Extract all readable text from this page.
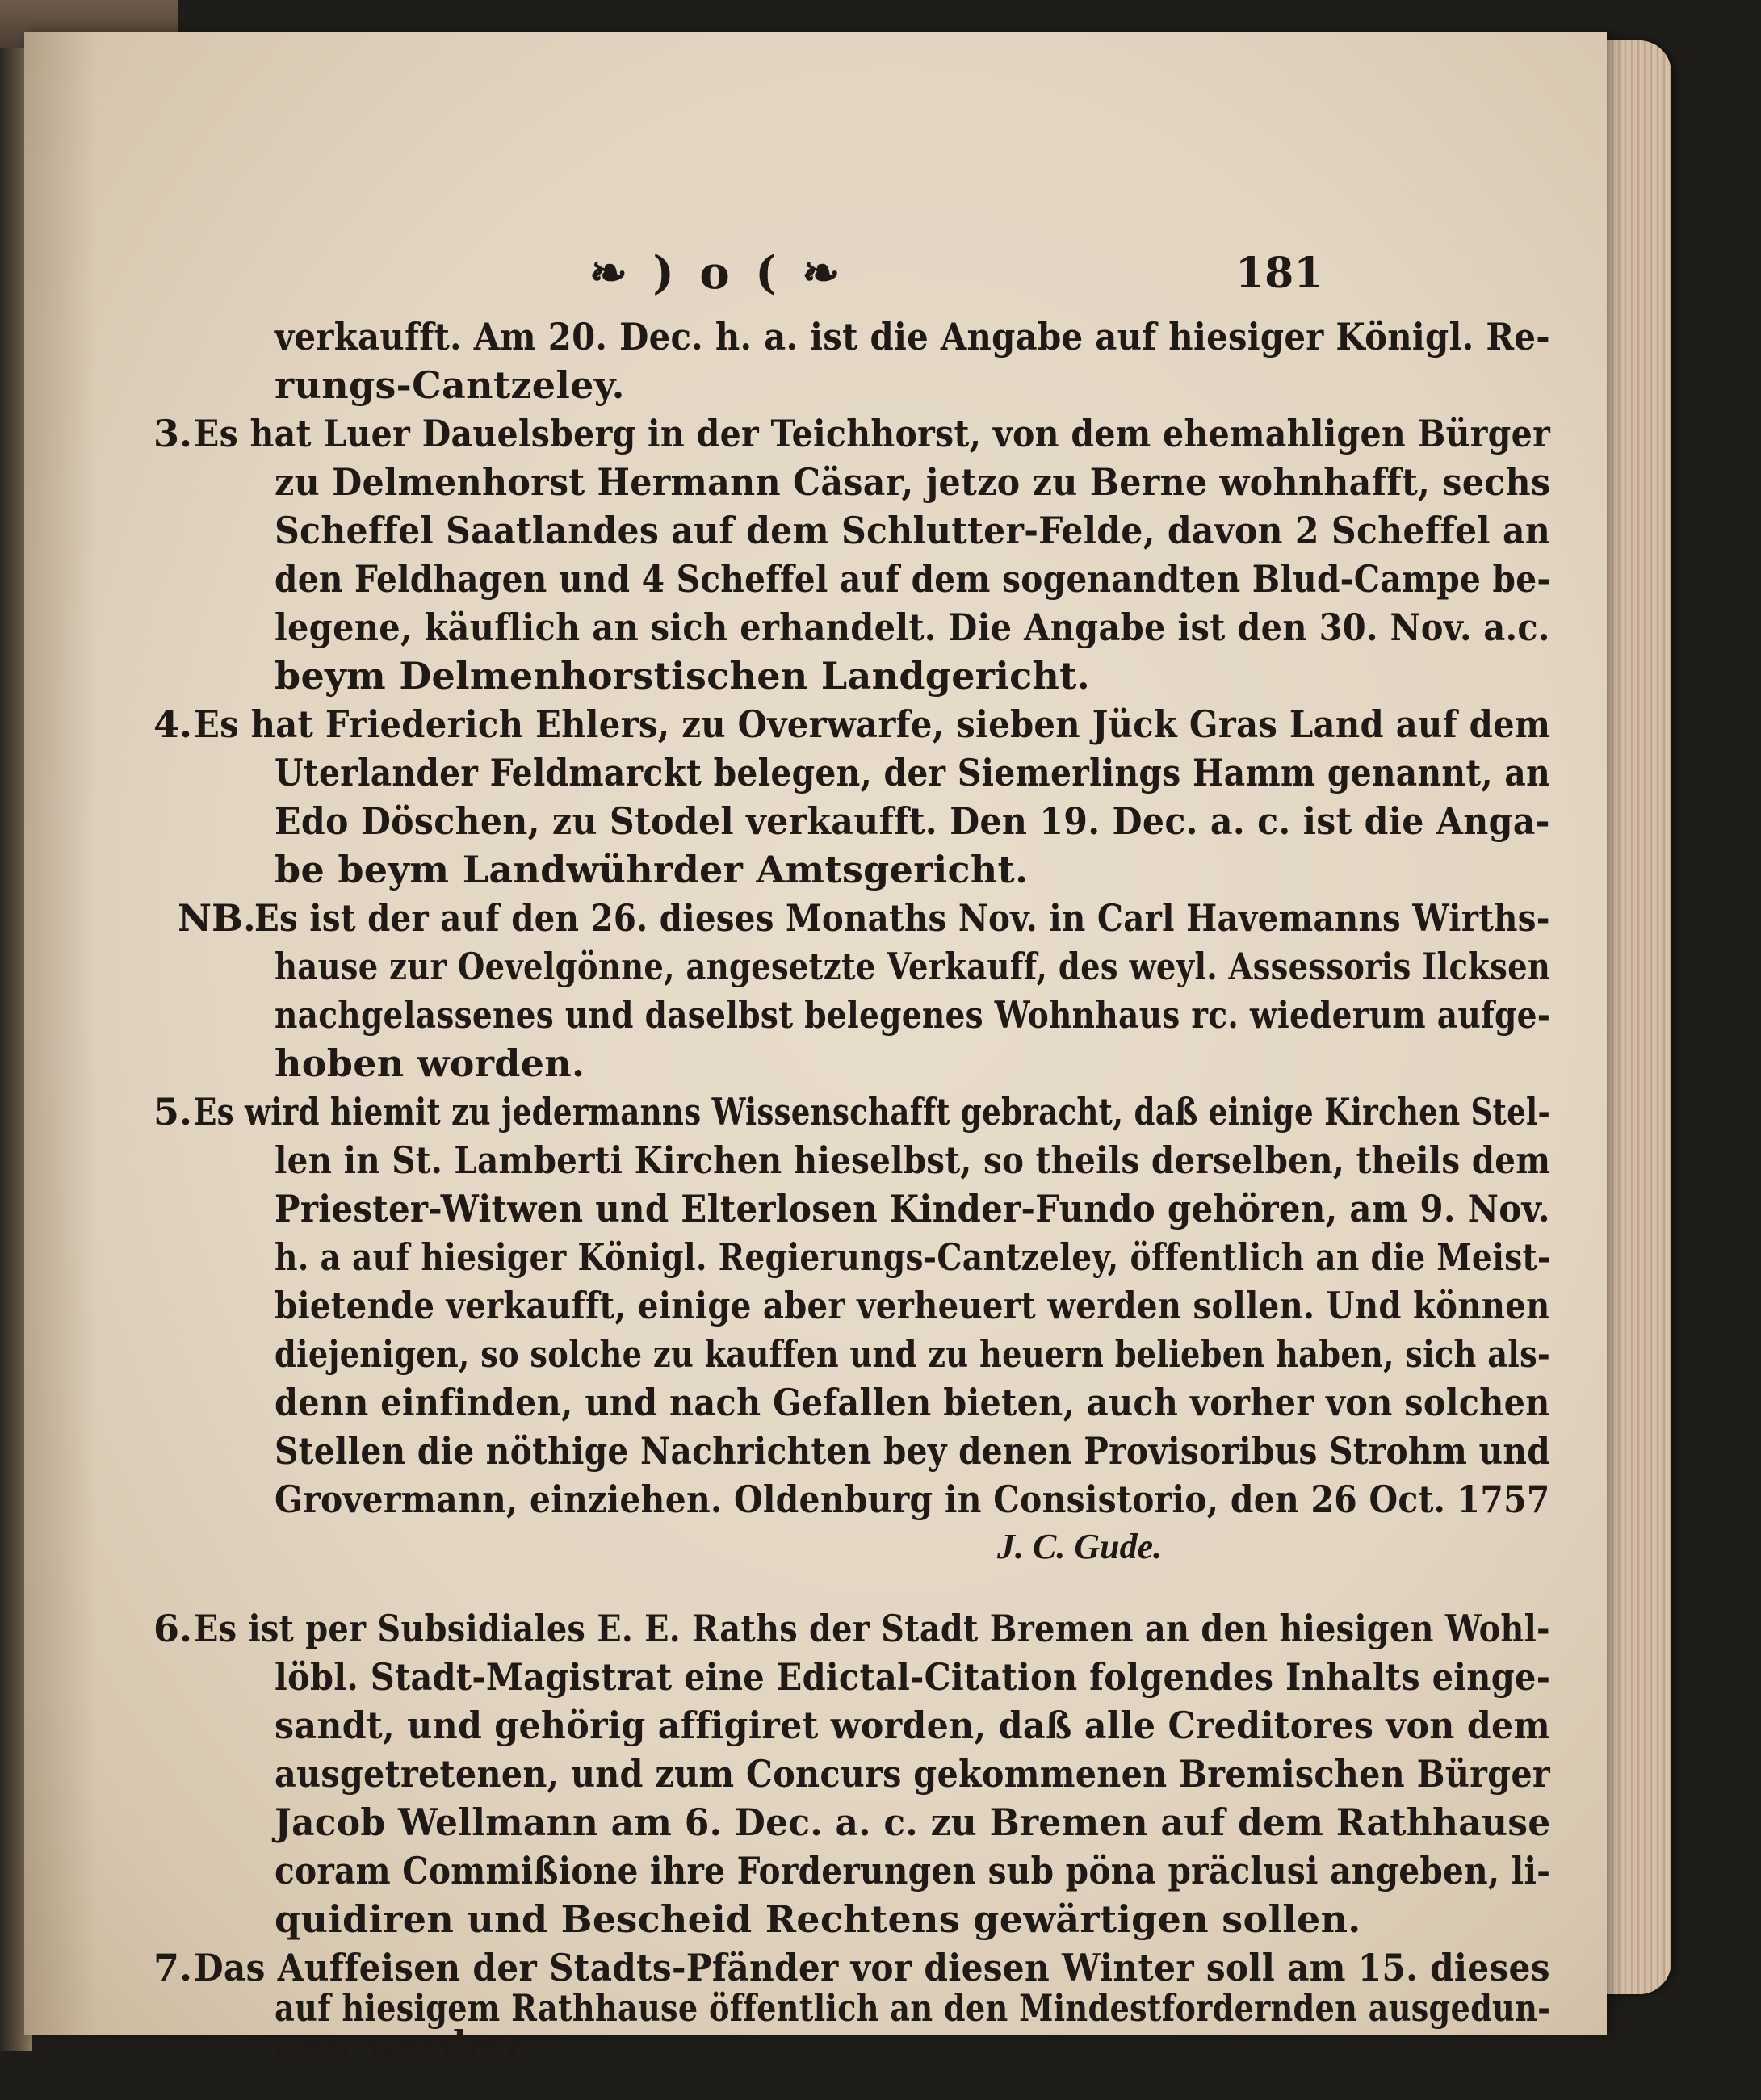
❧ ) o ( ❧	181
verkaufft. Am 20. Dec. h. a. ist die Angabe auf hiesiger Königl. Re-
rungs-Cantzeley.
3. Es hat Luer Dauelsberg in der Teichhorst, von dem ehemahligen Bürger
zu Delmenhorst Hermann Cäsar, jetzo zu Berne wohnhafft, sechs
Scheffel Saatlandes auf dem Schlutter-Felde, davon 2 Scheffel an
den Feldhagen und 4 Scheffel auf dem sogenandten Blud-Campe be-
legene, käuflich an sich erhandelt. Die Angabe ist den 30. Nov. a.c.
beym Delmenhorstischen Landgericht.
4. Es hat Friederich Ehlers, zu Overwarfe, sieben Jück Gras Land auf dem
Uterlander Feldmarckt belegen, der Siemerlings Hamm genannt, an
Edo Döschen, zu Stodel verkaufft. Den 19. Dec. a. c. ist die Anga-
be beym Landwührder Amtsgericht.
NB.
Es ist der auf den 26. dieses Monaths Nov. in Carl Havemanns Wirths-
hause zur Oevelgönne, angesetzte Verkauff, des weyl. Assessoris Ilcksen
nachgelassenes und daselbst belegenes Wohnhaus rc. wiederum aufge-
hoben worden.
5. Es wird hiemit zu jedermanns Wissenschafft gebracht, daß einige Kirchen Stel-
len in St. Lamberti Kirchen hieselbst, so theils derselben, theils dem
Priester-Witwen und Elterlosen Kinder-Fundo gehören, am 9. Nov.
h. a auf hiesiger Königl. Regierungs-Cantzeley, öffentlich an die Meist-
bietende verkaufft, einige aber verheuert werden sollen. Und können
diejenigen, so solche zu kauffen und zu heuern belieben haben, sich als-
denn einfinden, und nach Gefallen bieten, auch vorher von solchen
Stellen die nöthige Nachrichten bey denen Provisoribus Strohm und
Grovermann, einziehen. Oldenburg in Consistorio, den 26 Oct. 1757
J. C. Gude.
6. Es ist per Subsidiales E. E. Raths der Stadt Bremen an den hiesigen Wohl-
löbl. Stadt-Magistrat eine Edictal-Citation folgendes Inhalts einge-
sandt, und gehörig affigiret worden, daß alle Creditores von dem
ausgetretenen, und zum Concurs gekommenen Bremischen Bürger
Jacob Wellmann am 6. Dec. a. c. zu Bremen auf dem Rathhause
coram Commißione ihre Forderungen sub pöna präclusi angeben, li-
quidiren und Bescheid Rechtens gewärtigen sollen.
7. Das Auffeisen der Stadts-Pfänder vor diesen Winter soll am 15. dieses
auf hiesigem Rathhause öffentlich an den Mindestfordernden ausgedun-
gen werden.
